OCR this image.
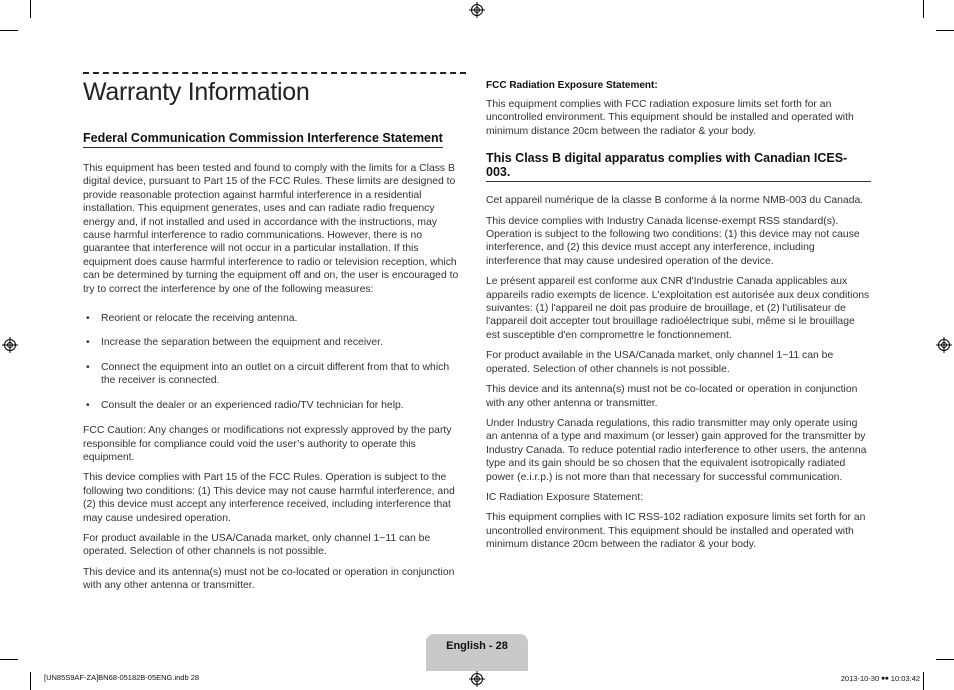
Warranty Information
Federal Communication Commission Interference Statement

This equipment has been tested and found to comply with the limits for a Class B digital device, pursuant to Part 15 of the FCC Rules. These limits are designed to provide reasonable protection against harmful interference in a residential installation. This equipment generates, uses and can radiate radio frequency energy and, if not installed and used in accordance with the instructions, may cause harmful interference to radio communications. However, there is no guarantee that interference will not occur in a particular installation. If this equipment does cause harmful interference to radio or television reception, which can be determined by turning the equipment off and on, the user is encouraged to try to correct the interference by one of the following measures:

• Reorient or relocate the receiving antenna.
• Increase the separation between the equipment and receiver.
• Connect the equipment into an outlet on a circuit different from that to which the receiver is connected.
• Consult the dealer or an experienced radio/TV technician for help.

FCC Caution: Any changes or modifications not expressly approved by the party responsible for compliance could void the user’s authority to operate this equipment.

This device complies with Part 15 of the FCC Rules. Operation is subject to the following two conditions: (1) This device may not cause harmful interference, and (2) this device must accept any interference received, including interference that may cause undesired operation.

For product available in the USA/Canada market, only channel 1~11 can be operated. Selection of other channels is not possible.

This device and its antenna(s) must not be co-located or operation in conjunction with any other antenna or transmitter.

FCC Radiation Exposure Statement:

This equipment complies with FCC radiation exposure limits set forth for an uncontrolled environment. This equipment should be installed and operated with minimum distance 20cm between the radiator & your body.

This Class B digital apparatus complies with Canadian ICES-003.

Cet appareil numérique de la classe B conforme á la norme NMB-003 du Canada.

This device complies with Industry Canada license-exempt RSS standard(s). Operation is subject to the following two conditions: (1) this device may not cause interference, and (2) this device must accept any interference, including interference that may cause undesired operation of the device.

Le présent appareil est conforme aux CNR d'Industrie Canada applicables aux appareils radio exempts de licence. L'exploitation est autorisée aux deux conditions suivantes: (1) l'appareil ne doit pas produire de brouillage, et (2) l'utilisateur de l'appareil doit accepter tout brouillage radioélectrique subi, même si le brouillage est susceptible d'en compromettre le fonctionnement.

For product available in the USA/Canada market, only channel 1~11 can be operated. Selection of other channels is not possible.

This device and its antenna(s) must not be co-located or operation in conjunction with any other antenna or transmitter.

Under Industry Canada regulations, this radio transmitter may only operate using an antenna of a type and maximum (or lesser) gain approved for the transmitter by Industry Canada. To reduce potential radio interference to other users, the antenna type and its gain should be so chosen that the equivalent isotropically radiated power (e.i.r.p.) is not more than that necessary for successful communication.

IC Radiation Exposure Statement:

This equipment complies with IC RSS-102 radiation exposure limits set forth for an uncontrolled environment. This equipment should be installed and operated with minimum distance 20cm between the radiator & your body.

English - 28
[UN85S9AF-ZA]BN68-05182B-05ENG.indb 28	2013-10-30 ￭￭ 10:03:42
